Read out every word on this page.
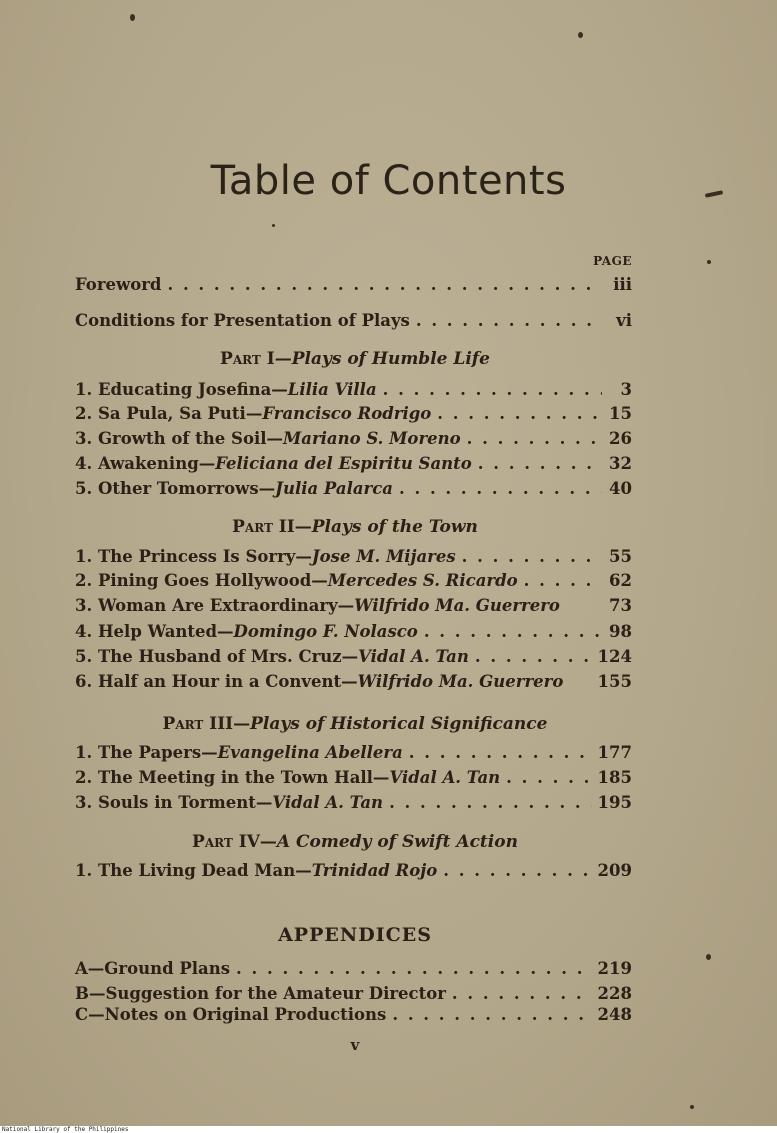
Table of Contents
PAGE
Foreword . . .	iii
Conditions for Presentation of Plays . . .	vi
Part I—Plays of Humble Life
1. Educating Josefina— Lilia Villa . . .	3
2. Sa Pula, Sa Puti— Francisco Rodrigo . . .	15
3. Growth of the Soil— Mariano S. Moreno . . .	26
4. Awakening— Feliciana del Espiritu Santo . . .	32
5. Other Tomorrows— Julia Palarca . . .	40
Part II—Plays of the Town
1. The Princess Is Sorry— Jose M. Mijares . . .	55
2. Pining Goes Hollywood— Mercedes S. Ricardo . . .	62
3. Woman Are Extraordinary— Wilfrido Ma. Guerrero	73
4. Help Wanted— Domingo F. Nolasco . . .	98
5. The Husband of Mrs. Cruz— Vidal A. Tan . . .	124
6. Half an Hour in a Convent— Wilfrido Ma. Guerrero 155
Part III—Plays of Historical Significance
1. The Papers— Evangelina Abellera . . .	177
2. The Meeting in the Town Hall— Vidal A. Tan . . .	185
3. Souls in Torment— Vidal A. Tan . . .	195
Part IV—A Comedy of Swift Action
1. The Living Dead Man— Trinidad Rojo . . .	209
APPENDICES
A—Ground Plans . . .	219
B—Suggestion for the Amateur Director . . .	228
C—Notes on Original Productions . . .	248
v
National Library of the Philippines
